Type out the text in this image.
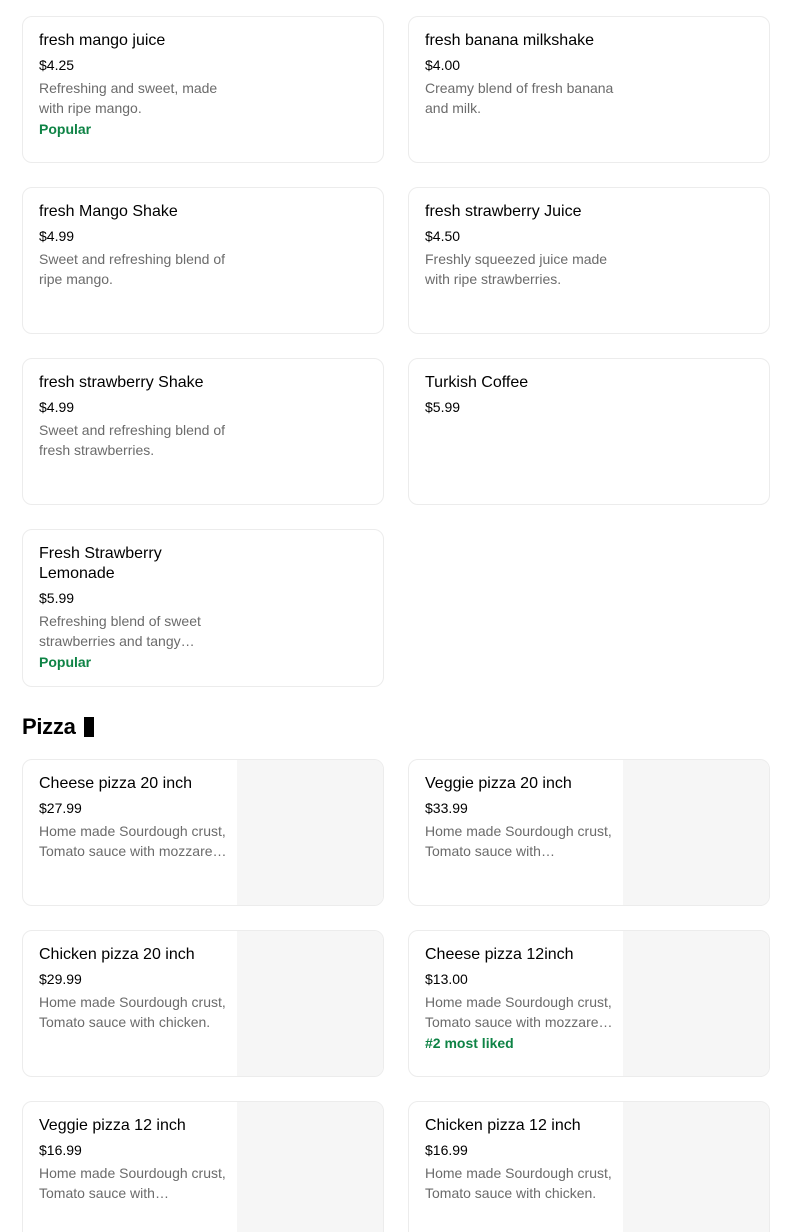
fresh mango juice
$4.25
Refreshing and sweet, made with ripe mango.
Popular
fresh banana milkshake
$4.00
Creamy blend of fresh banana and milk.
fresh Mango Shake
$4.99
Sweet and refreshing blend of ripe mango.
fresh strawberry Juice
$4.50
Freshly squeezed juice made with ripe strawberries.
fresh strawberry Shake
$4.99
Sweet and refreshing blend of fresh strawberries.
Turkish Coffee
$5.99
Fresh Strawberry Lemonade
$5.99
Refreshing blend of sweet strawberries and tangy
Popular
Pizza
Cheese pizza 20 inch
$27.99
Home made Sourdough crust, Tomato sauce with mozzarella
Veggie pizza 20 inch
$33.99
Home made Sourdough crust, Tomato sauce with
Chicken pizza 20 inch
$29.99
Home made Sourdough crust, Tomato sauce with chicken.
Cheese pizza 12inch
$13.00
Home made Sourdough crust, Tomato sauce with mozzarella
#2 most liked
Veggie pizza 12 inch
$16.99
Home made Sourdough crust, Tomato sauce with
Chicken pizza 12 inch
$16.99
Home made Sourdough crust, Tomato sauce with chicken.
